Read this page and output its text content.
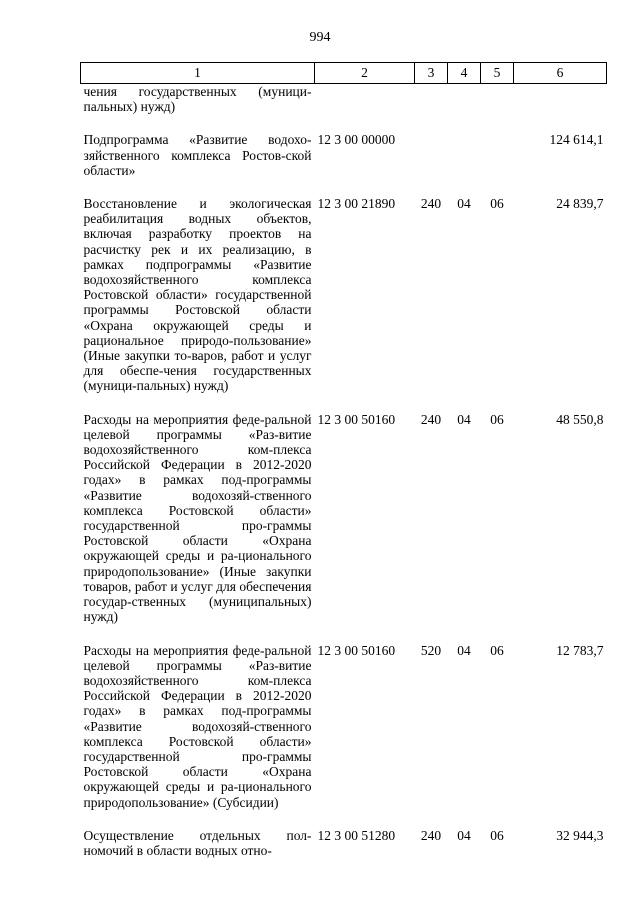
994
1	2	3	4	5	6
чения государственных (муници-пальных) нужд)					
Подпрограмма «Развитие водохо-зяйственного комплекса Ростов-ской области»	12 3 00 00000				124 614,1
Восстановление и экологическая реабилитация водных объектов, включая разработку проектов на расчистку рек и их реализацию, в рамках подпрограммы «Развитие водохозяйственного комплекса Ростовской области» государственной программы Ростовской области «Охрана окружающей среды и рациональное природо-пользование» (Иные закупки то-варов, работ и услуг для обеспе-чения государственных (муници-пальных) нужд)	12 3 00 21890	240	04	06	24 839,7
Расходы на мероприятия феде-ральной целевой программы «Раз-витие водохозяйственного ком-плекса Российской Федерации в 2012-2020 годах» в рамках под-программы «Развитие водохозяй-ственного комплекса Ростовской области» государственной про-граммы Ростовской области «Охрана окружающей среды и ра-ционального природопользование» (Иные закупки товаров, работ и услуг для обеспечения государ-ственных (муниципальных) нужд)	12 3 00 50160	240	04	06	48 550,8
Расходы на мероприятия феде-ральной целевой программы «Раз-витие водохозяйственного ком-плекса Российской Федерации в 2012-2020 годах» в рамках под-программы «Развитие водохозяй-ственного комплекса Ростовской области» государственной про-граммы Ростовской области «Охрана окружающей среды и ра-ционального природопользование» (Субсидии)	12 3 00 50160	520	04	06	12 783,7
Осуществление отдельных пол-номочий в области водных отно-	12 3 00 51280	240	04	06	32 944,3
